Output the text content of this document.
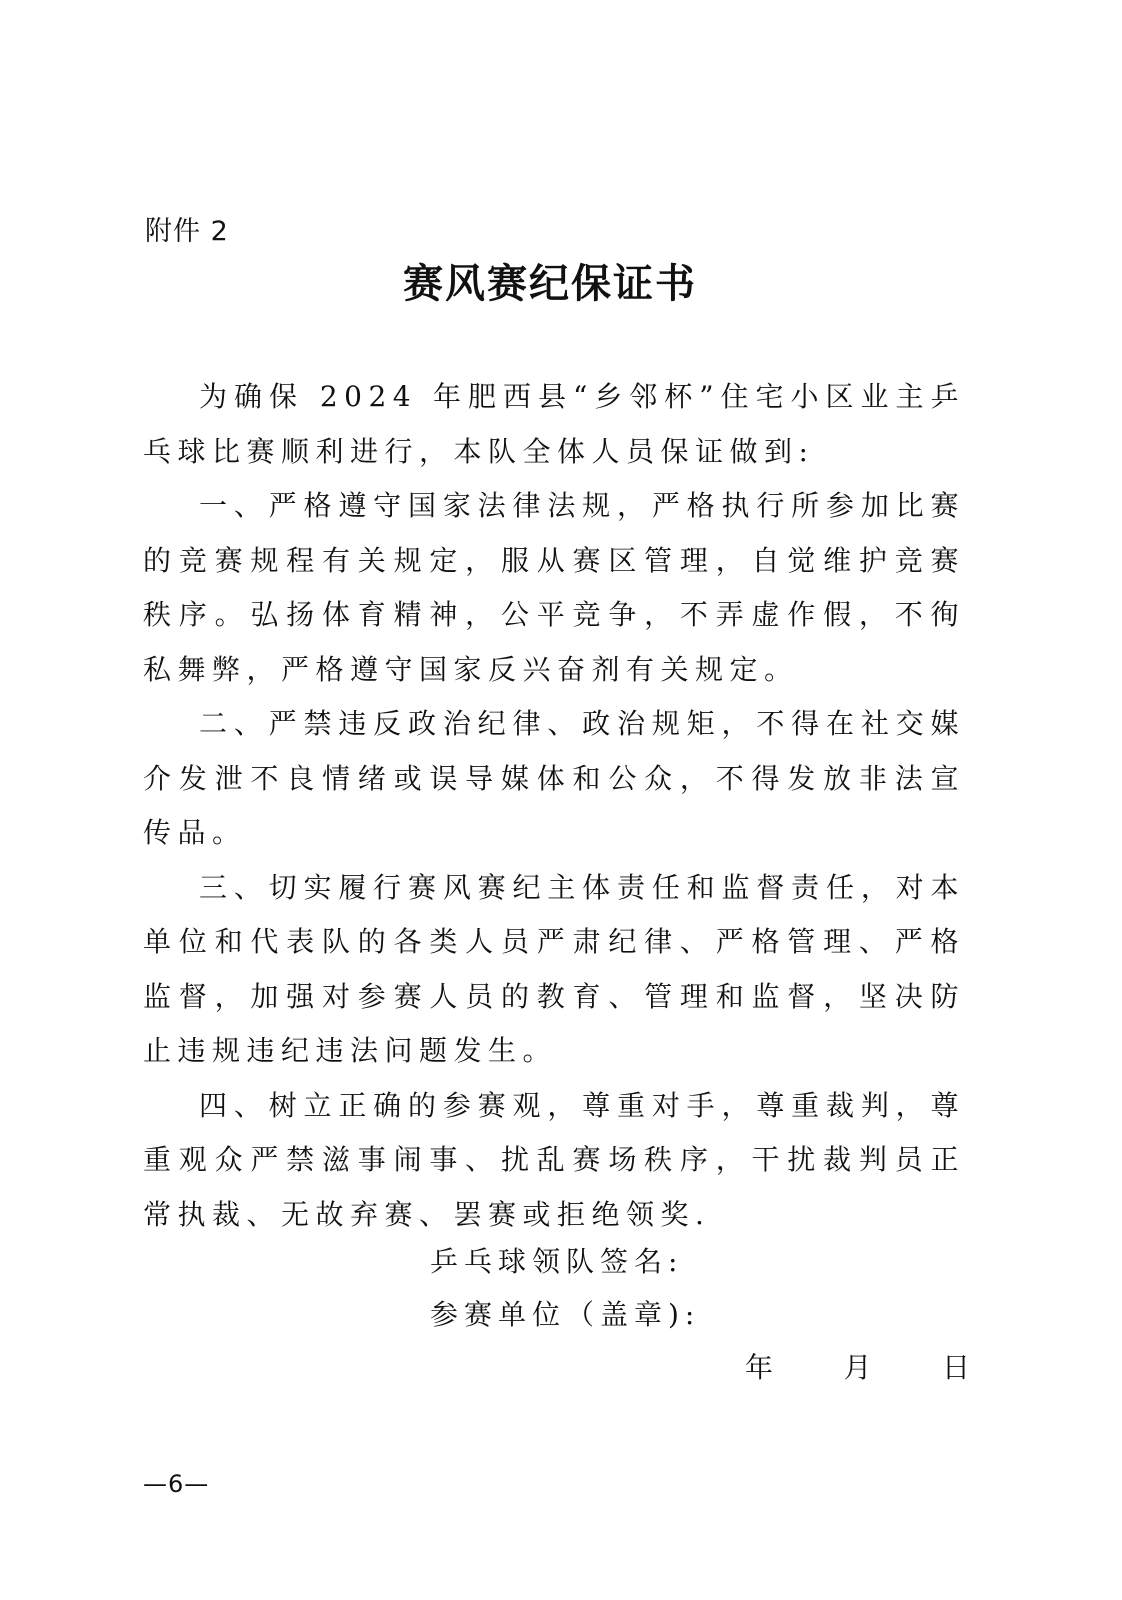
附件 2
赛风赛纪保证书

为确保 2024 年肥西县“乡邻杯”住宅小区业主乒乓球比赛顺利进行，本队全体人员保证做到:

一、严格遵守国家法律法规，严格执行所参加比赛的竞赛规程有关规定，服从赛区管理，自觉维护竞赛秩序。弘扬体育精神，公平竞争，不弄虚作假，不徇私舞弊，严格遵守国家反兴奋剂有关规定。

二、严禁违反政治纪律、政治规矩，不得在社交媒介发泄不良情绪或误导媒体和公众，不得发放非法宣传品。

三、切实履行赛风赛纪主体责任和监督责任，对本单位和代表队的各类人员严肃纪律、严格管理、严格监督，加强对参赛人员的教育、管理和监督，坚决防止违规违纪违法问题发生。

四、树立正确的参赛观，尊重对手，尊重裁判，尊重观众严禁滋事闹事、扰乱赛场秩序，干扰裁判员正常执裁、无故弃赛、罢赛或拒绝领奖.

乒乓球领队签名:
参赛单位（盖章):
年	月	日
—6—
